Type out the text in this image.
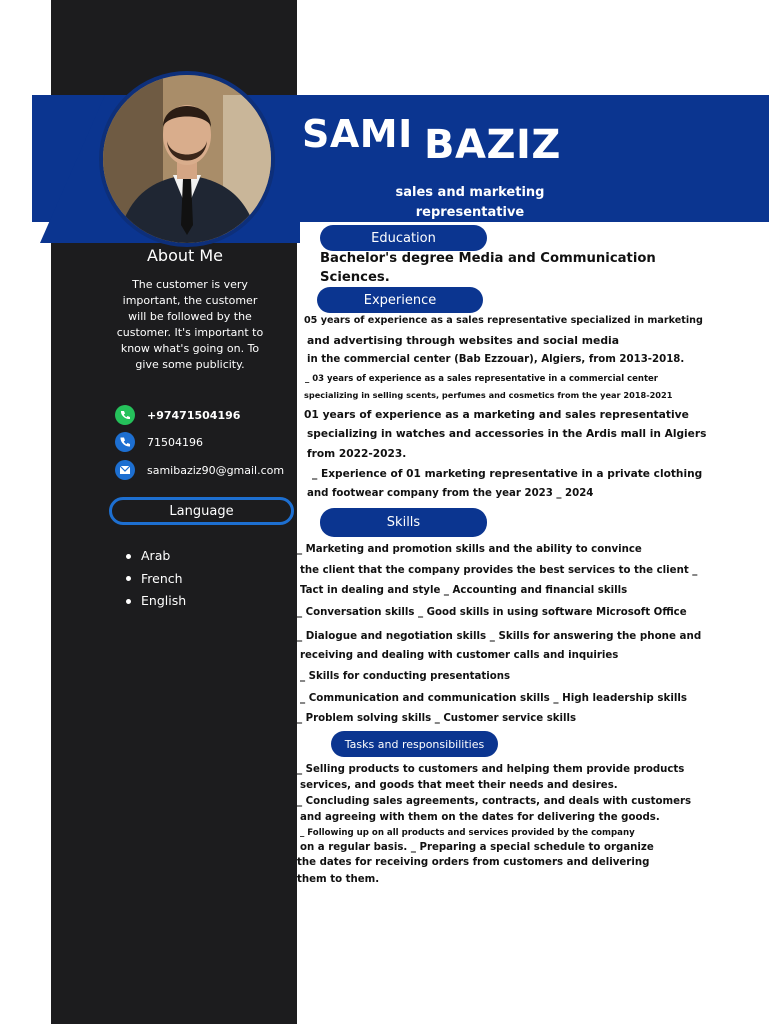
SAMI BAZIZ
sales and marketing
representative
About Me
The customer is very important, the customer will be followed by the customer. It's important to know what's going on. To give some publicity.
+97471504196
71504196
samibaziz90@gmail.com
Language
Arab
French
English
Education
Bachelor's degree Media and Communication
Sciences.
Experience
05 years of experience as a sales representative specialized in marketing
and advertising through websites and social media
in the commercial center (Bab Ezzouar), Algiers, from 2013-2018.
_ 03 years of experience as a sales representative in a commercial center
specializing in selling scents, perfumes and cosmetics from the year 2018-2021
01 years of experience as a marketing and sales representative
specializing in watches and accessories in the Ardis mall in Algiers
from 2022-2023.
_ Experience of 01 marketing representative in a private clothing
and footwear company from the year 2023 _ 2024
Skills
_ Marketing and promotion skills and the ability to convince
the client that the company provides the best services to the client _
Tact in dealing and style _ Accounting and financial skills
_ Conversation skills _ Good skills in using software Microsoft Office
_ Dialogue and negotiation skills _ Skills for answering the phone and
receiving and dealing with customer calls and inquiries
_ Skills for conducting presentations
_ Communication and communication skills _ High leadership skills
_ Problem solving skills _ Customer service skills
Tasks and responsibilities
_ Selling products to customers and helping them provide products
services, and goods that meet their needs and desires.
_ Concluding sales agreements, contracts, and deals with customers
and agreeing with them on the dates for delivering the goods.
_ Following up on all products and services provided by the company
on a regular basis. _ Preparing a special schedule to organize
the dates for receiving orders from customers and delivering
them to them.
